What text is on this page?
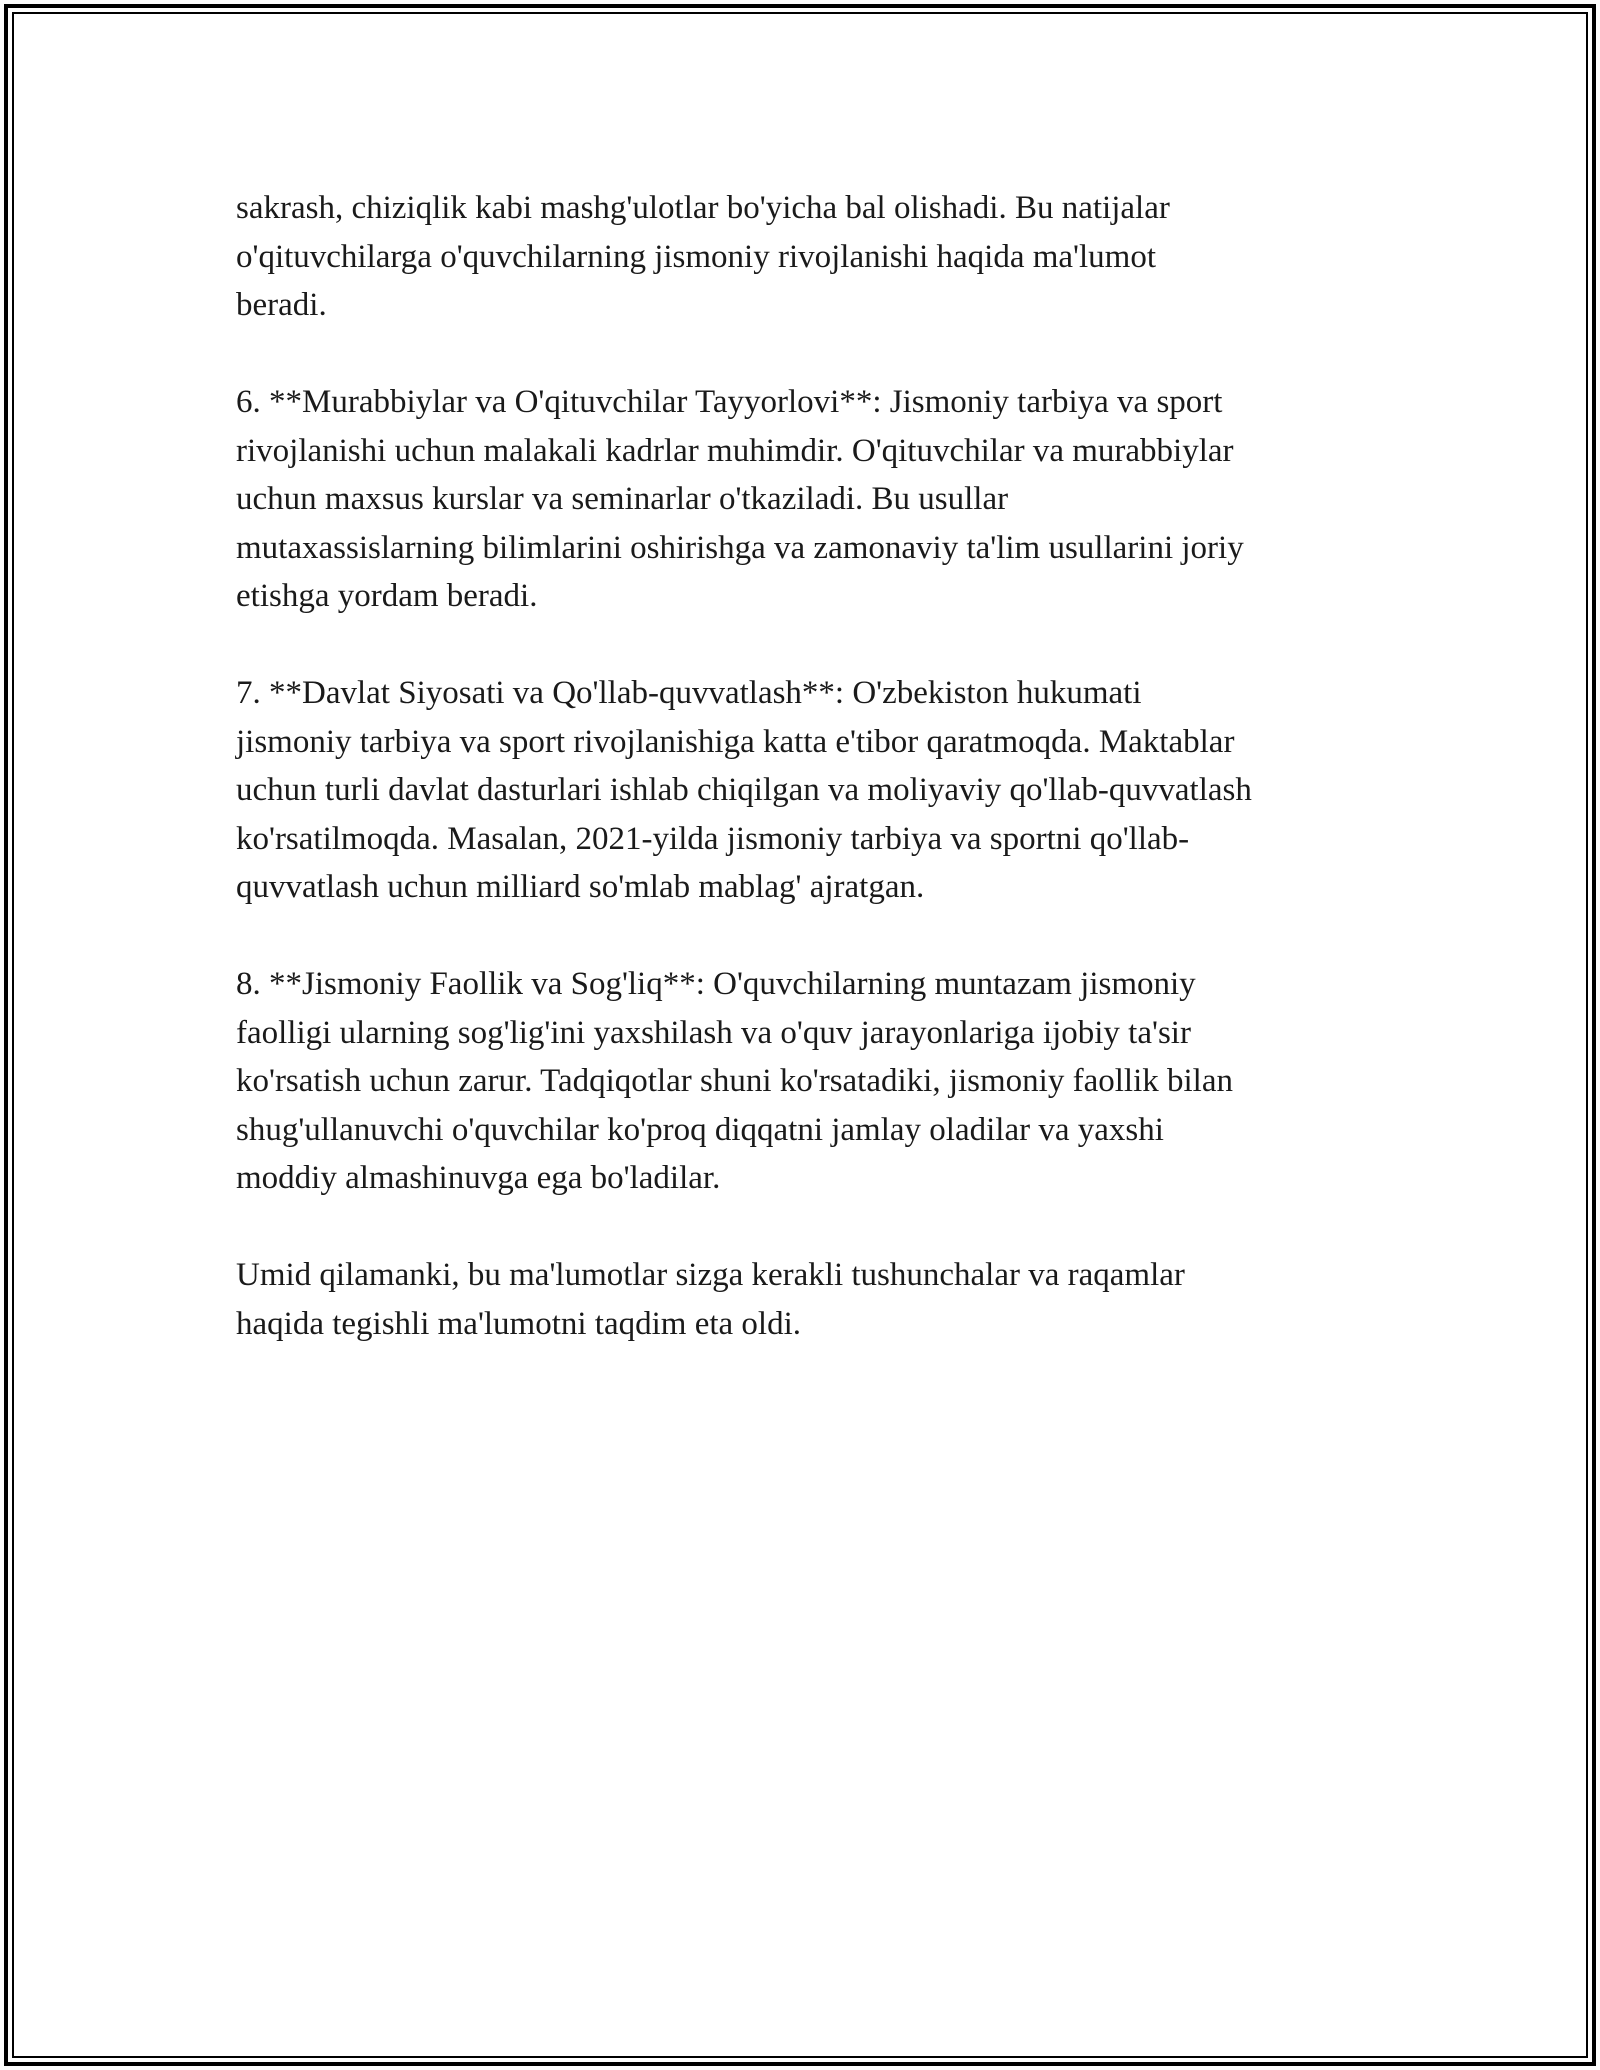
sakrash, chiziqlik kabi mashg'ulotlar bo'yicha bal olishadi. Bu natijalar
o'qituvchilarga o'quvchilarning jismoniy rivojlanishi haqida ma'lumot
beradi.

6. **Murabbiylar va O'qituvchilar Tayyorlovi**: Jismoniy tarbiya va sport
rivojlanishi uchun malakali kadrlar muhimdir. O'qituvchilar va murabbiylar
uchun maxsus kurslar va seminarlar o'tkaziladi. Bu usullar
mutaxassislarning bilimlarini oshirishga va zamonaviy ta'lim usullarini joriy
etishga yordam beradi.

7. **Davlat Siyosati va Qo'llab-quvvatlash**: O'zbekiston hukumati
jismoniy tarbiya va sport rivojlanishiga katta e'tibor qaratmoqda. Maktablar
uchun turli davlat dasturlari ishlab chiqilgan va moliyaviy qo'llab-quvvatlash
ko'rsatilmoqda. Masalan, 2021-yilda jismoniy tarbiya va sportni qo'llab-
quvvatlash uchun milliard so'mlab mablag' ajratgan.

8. **Jismoniy Faollik va Sog'liq**: O'quvchilarning muntazam jismoniy
faolligi ularning sog'lig'ini yaxshilash va o'quv jarayonlariga ijobiy ta'sir
ko'rsatish uchun zarur. Tadqiqotlar shuni ko'rsatadiki, jismoniy faollik bilan
shug'ullanuvchi o'quvchilar ko'proq diqqatni jamlay oladilar va yaxshi
moddiy almashinuvga ega bo'ladilar.

Umid qilamanki, bu ma'lumotlar sizga kerakli tushunchalar va raqamlar
haqida tegishli ma'lumotni taqdim eta oldi.
